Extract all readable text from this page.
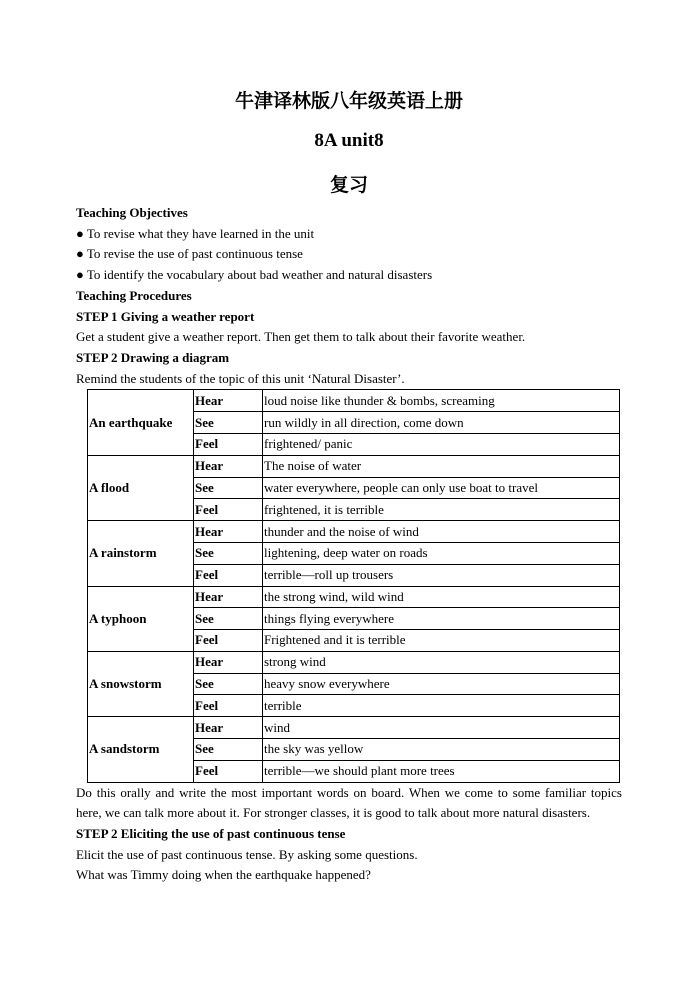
牛津译林版八年级英语上册
8A unit8
复习

Teaching Objectives

● To revise what they have learned in the unit

● To revise the use of past continuous tense

● To identify the vocabulary about bad weather and natural disasters

Teaching Procedures

STEP 1 Giving a weather report

Get a student give a weather report. Then get them to talk about their favorite weather.

STEP 2 Drawing a diagram

Remind the students of the topic of this unit ‘Natural Disaster’.

An earthquake	Hear	loud noise like thunder & bombs, screaming
	See	run wildly in all direction, come down
	Feel	frightened/ panic
A flood	Hear	The noise of water
	See	water everywhere, people can only use boat to travel
	Feel	frightened, it is terrible
A rainstorm	Hear	thunder and the noise of wind
	See	lightening, deep water on roads
	Feel	terrible—roll up trousers
A typhoon	Hear	the strong wind, wild wind
	See	things flying everywhere
	Feel	Frightened and it is terrible
A snowstorm	Hear	strong wind
	See	heavy snow everywhere
	Feel	terrible
A sandstorm	Hear	wind
	See	the sky was yellow
	Feel	terrible—we should plant more trees

Do this orally and write the most important words on board. When we come to some familiar topics here, we can talk more about it. For stronger classes, it is good to talk about more natural disasters.

STEP 2 Eliciting the use of past continuous tense

Elicit the use of past continuous tense. By asking some questions.

What was Timmy doing when the earthquake happened?
